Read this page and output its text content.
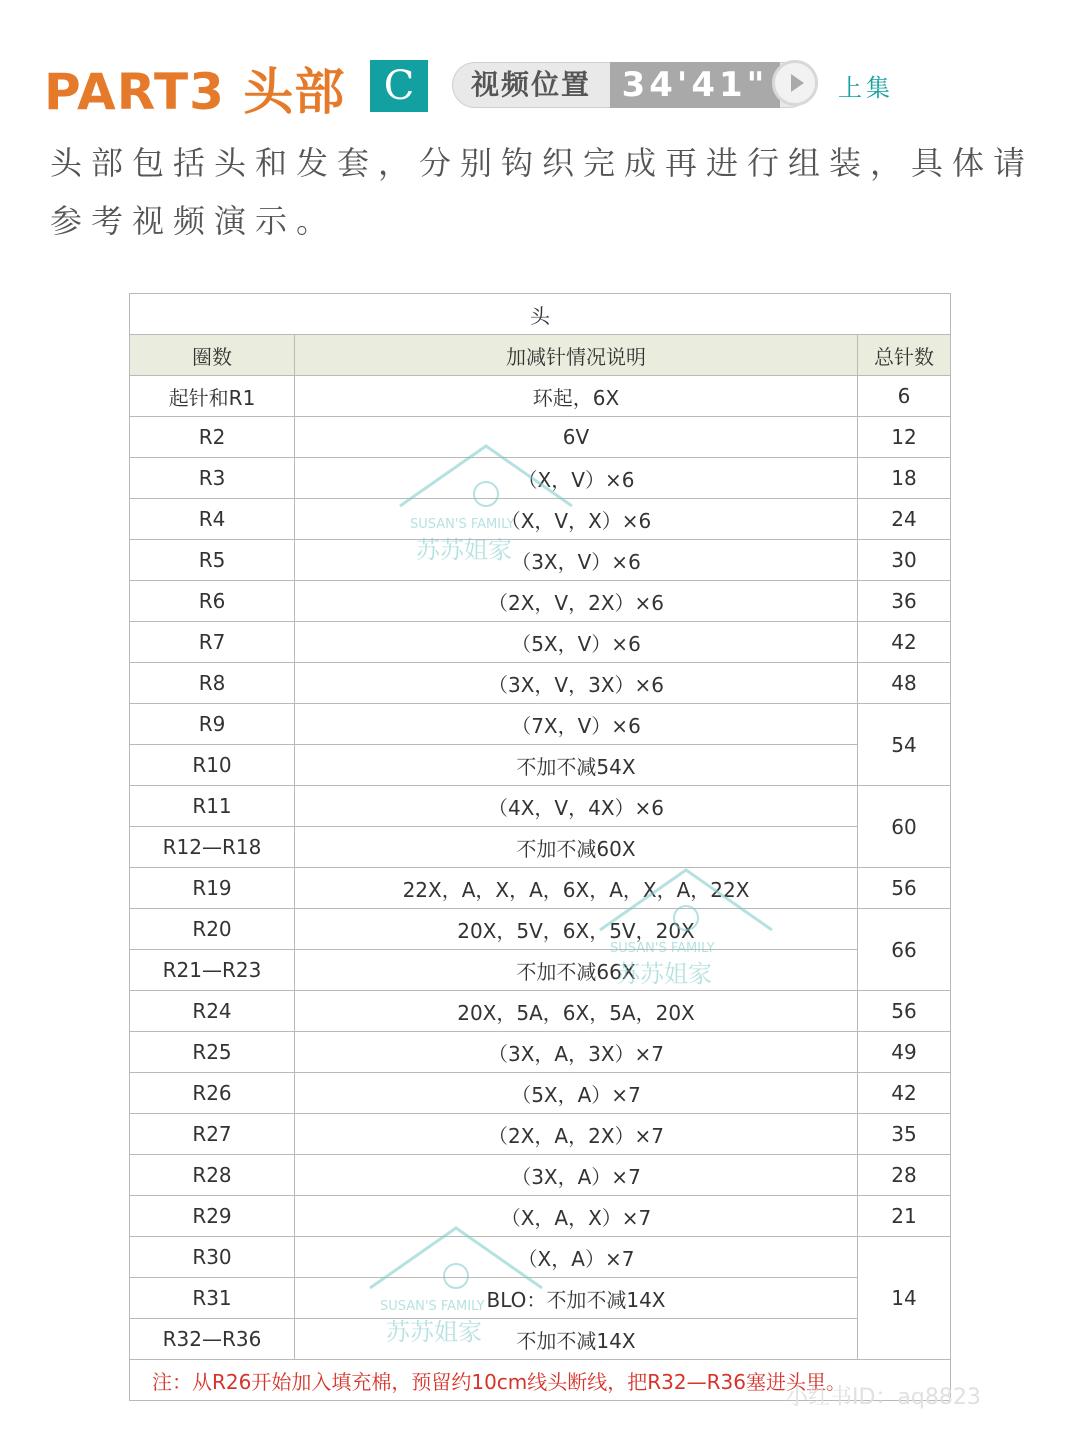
PART3 头部 C	视频位置 34'41"	上集
头部包括头和发套，分别钩织完成再进行组装，具体请参考视频演示。
头		
圈数	加减针情况说明	总针数
起针和R1	环起，6X	6
R2	6V	12
R3	（X，V）×6	18
R4	（X，V，X）×6	24
R5	（3X，V）×6	30
R6	（2X，V，2X）×6	36
R7	（5X，V）×6	42
R8	（3X，V，3X）×6	48
R9	（7X，V）×6	54
R10	不加不减54X	
R11	（4X，V，4X）×6	60
R12—R18	不加不减60X	
R19	22X，A，X，A，6X，A，X，A，22X	56
R20	20X，5V，6X，5V，20X	66
R21—R23	不加不减66X	
R24	20X，5A，6X，5A，20X	56
R25	（3X，A，3X）×7	49
R26	（5X，A）×7	42
R27	（2X，A，2X）×7	35
R28	（3X，A）×7	28
R29	（X，A，X）×7	21
R30	（X，A）×7	14
R31	BLO：不加不减14X	
R32—R36	不加不减14X	
注：从R26开始加入填充棉，预留约10cm线头断线，把R32—R36塞进头里。		
SUSAN'S FAMILY
苏苏姐家
SUSAN'S FAMILY
苏苏姐家
SUSAN'S FAMILY
苏苏姐家
小红书ID：aq8823
